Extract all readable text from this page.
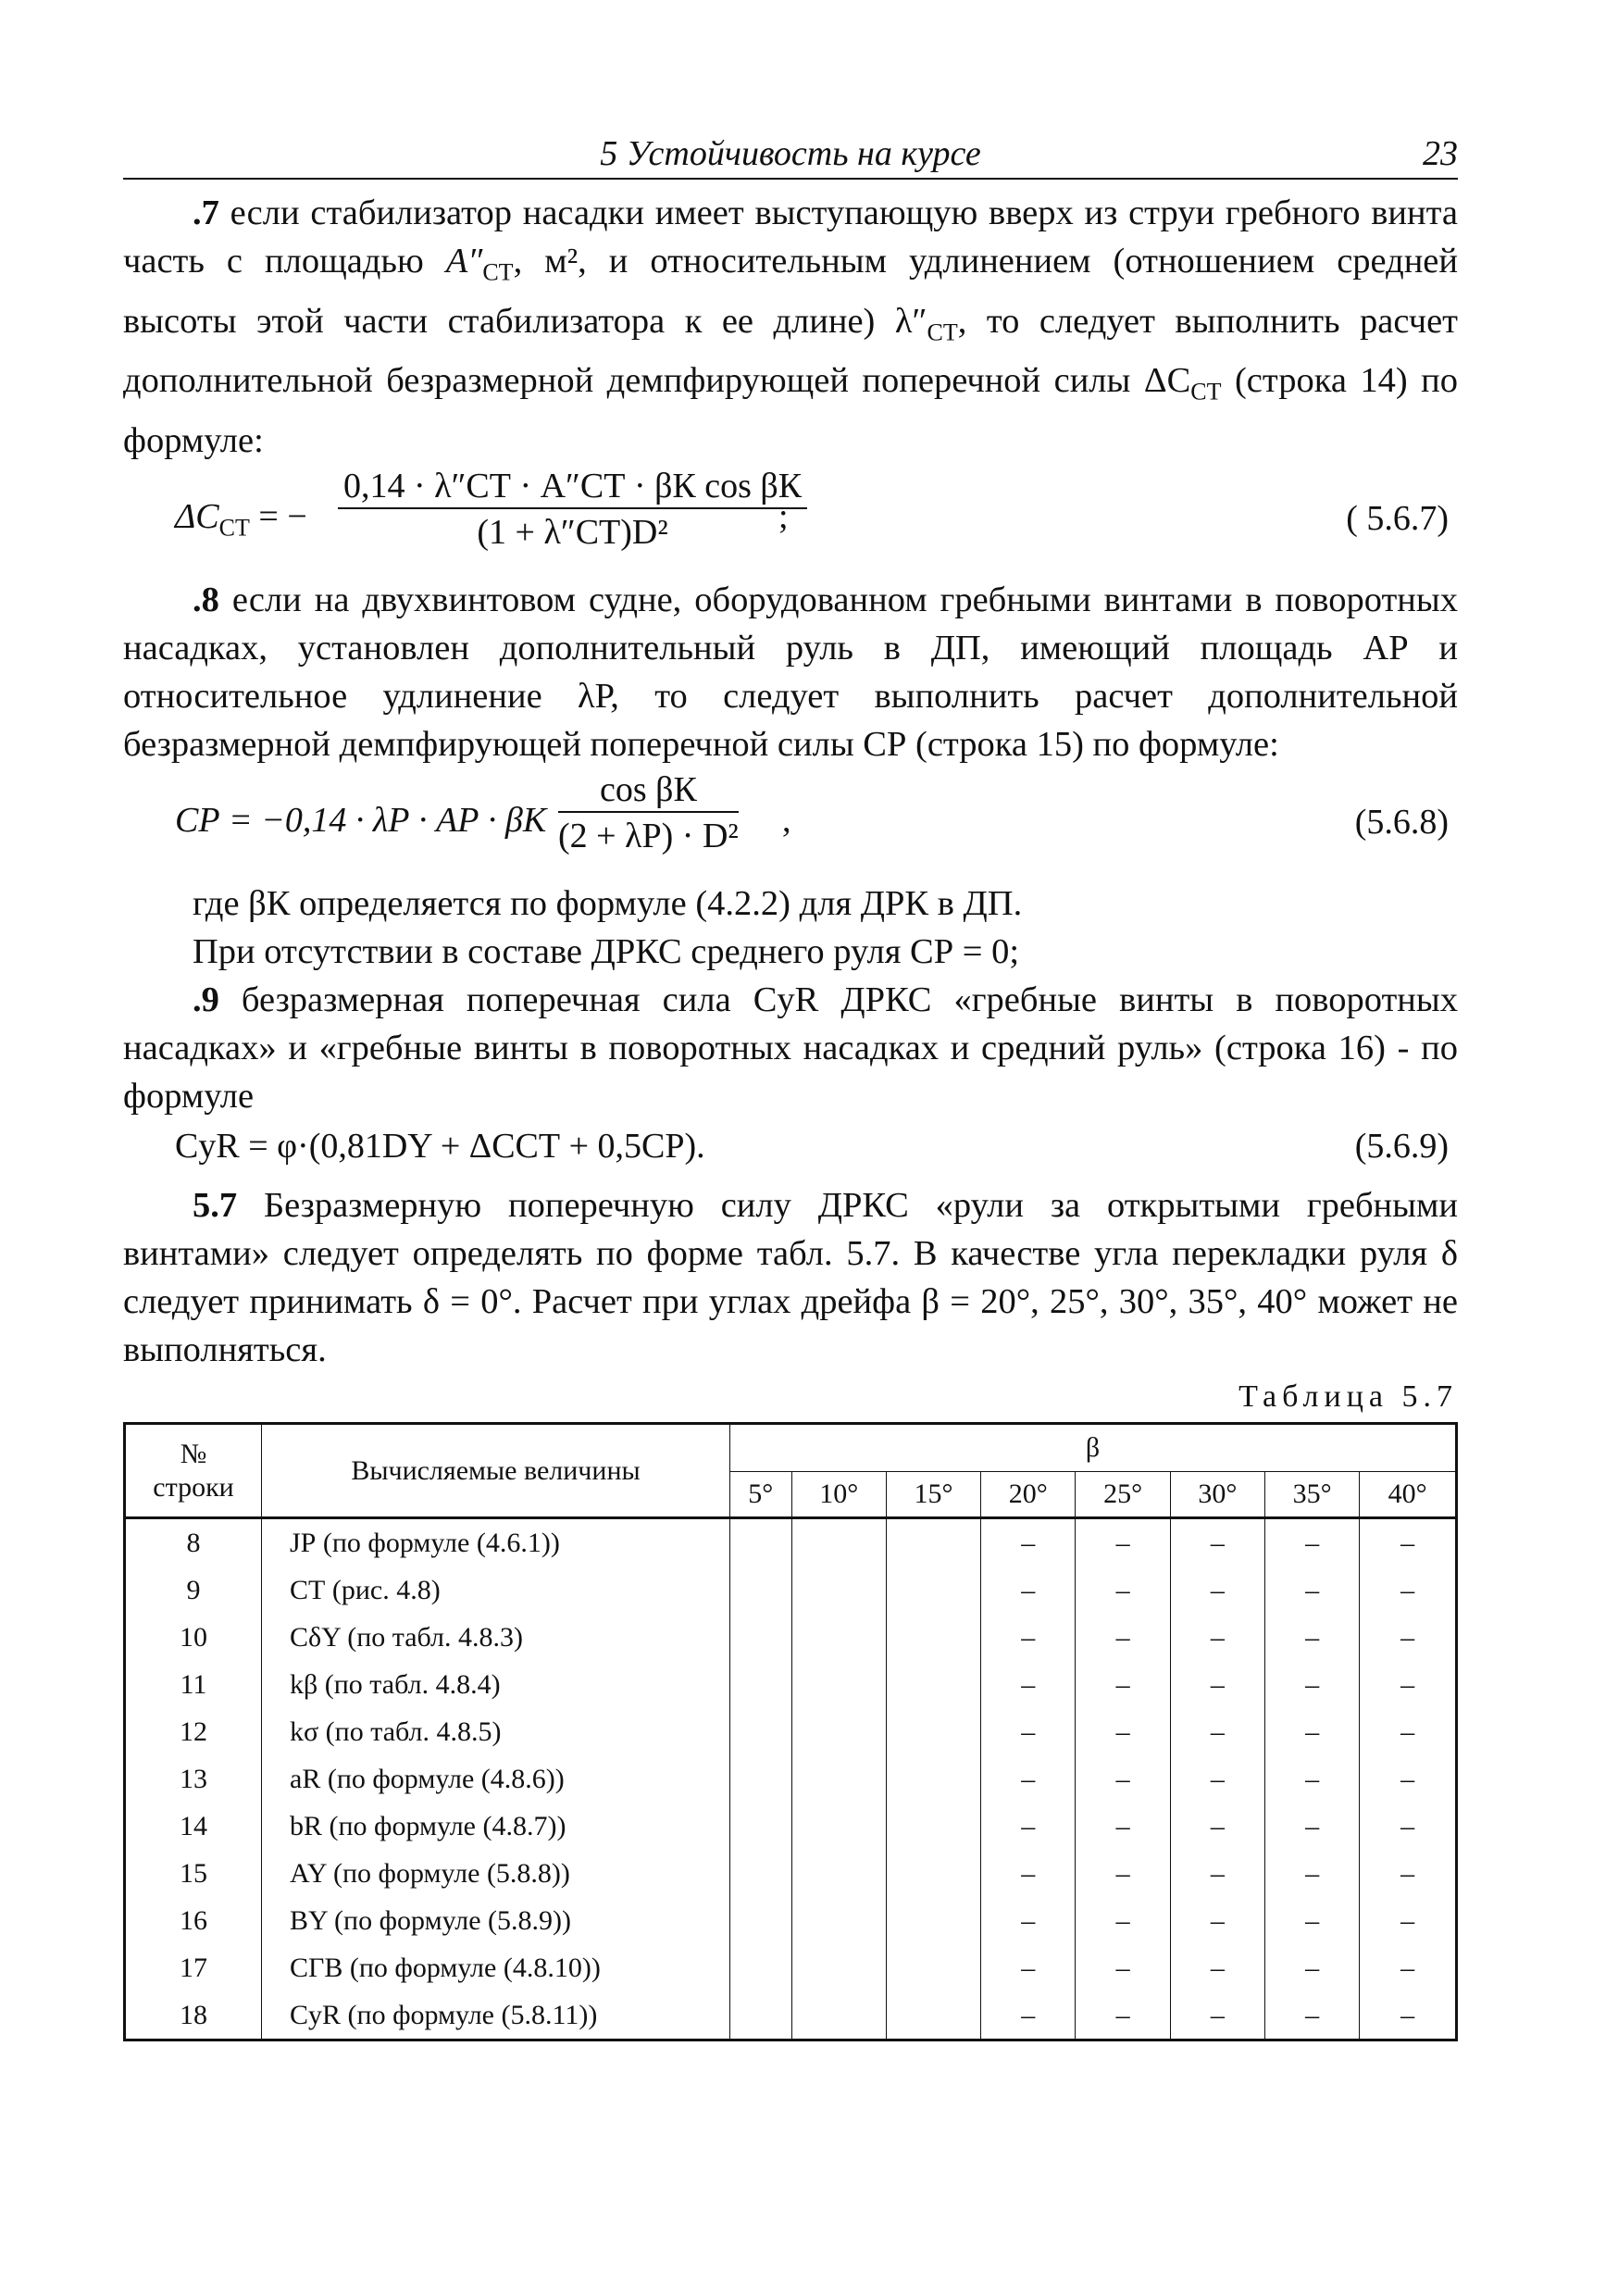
5 Устойчивость на курсе	23

.7 если стабилизатор насадки имеет выступающую вверх из струи гребного винта часть с площадью $A''_{СТ}$, м², и относительным удлинением (отношением средней высоты этой части стабилизатора к ее длине) $\lambda''_{СТ}$, то следует выполнить расчет дополнительной безразмерной демпфирующей поперечной силы $\Delta C_{СТ}$ (строка 14) по формуле:

$\Delta C_{СТ}$ = −
0,14 · λ″СТ · A″СТ · βК cos βК
(1 + λ″СТ)D²	;	( 5.6.7)

.8 если на двухвинтовом судне, оборудованном гребными винтами в поворотных насадках, установлен дополнительный руль в ДП, имеющий площадь AР и относительное удлинение λР, то следует выполнить расчет дополнительной безразмерной демпфирующей поперечной силы CР (строка 15) по формуле:

CР = −0,14 · λР · AР · βК
cos βК
(2 + λР) · D² ,	(5.6.8)

где βК определяется по формуле (4.2.2) для ДРК в ДП.

При отсутствии в составе ДРКС среднего руля CР = 0;

.9 безразмерная поперечная сила CyR ДРКС «гребные винты в поворотных насадках» и «гребные винты в поворотных насадках и средний руль» (строка 16) - по формуле

CyR = φ·(0,81DY + ΔCСТ + 0,5CР).	(5.6.9)

5.7 Безразмерную поперечную силу ДРКС «рули за открытыми гребными винтами» следует определять по форме табл. 5.7. В качестве угла перекладки руля δ следует принимать δ = 0°. Расчет при углах дрейфа β = 20°, 25°, 30°, 35°, 40° может не выполняться.

Таблица 5.7
№
строки	Вычисляемые величины	β							
		5°	10°	15°	20°	25°	30°	35°	40°
8	JР (по формуле (4.6.1))				–	–	–	–	–
9	CТ (рис. 4.8)				–	–	–	–	–
10	CδY (по табл. 4.8.3)				–	–	–	–	–
11	kβ (по табл. 4.8.4)				–	–	–	–	–
12	kσ (по табл. 4.8.5)				–	–	–	–	–
13	aR (по формуле (4.8.6))				–	–	–	–	–
14	bR (по формуле (4.8.7))				–	–	–	–	–
15	AY (по формуле (5.8.8))				–	–	–	–	–
16	BY (по формуле (5.8.9))				–	–	–	–	–
17	CГВ (по формуле (4.8.10))				–	–	–	–	–
18	CyR (по формуле (5.8.11))				–	–	–	–	–
